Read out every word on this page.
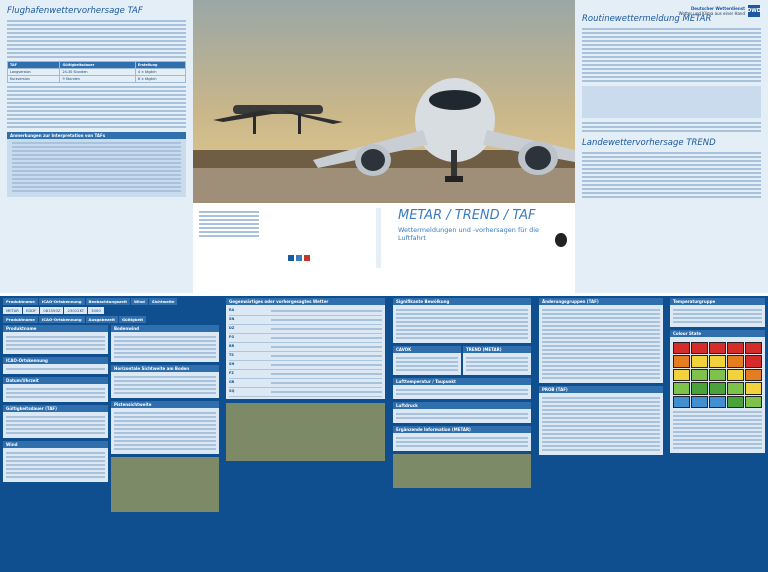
Flughafenwettervorhersage TAF
TAF	Gültigkeitsdauer	Erstellung
Langversion	24-30 Stunden	4 × täglich
Kurzversion	9 Stunden	8 × täglich
Anmerkungen zur Interpretation von TAFs
METAR / TREND / TAF
Wettermeldungen und -vorhersagen für die Luftfahrt
Deutscher Wetterdienst
Wetter und Klima aus einer Hand DWD
Routinewettermeldung METAR
Landewettervorhersage TREND
Produktname	ICAO-Ortskennung	Beobachtungszeit	Wind	Sichtweite
METAR	EDDF	081550Z	23012KT	3000
Produktname	ICAO-Ortskennung	Ausgabezeit	Gültigkeit
Produktname
ICAO-Ortskennung
Datum/Uhrzeit
Gültigkeitsdauer (TAF)
Wind
Bodenwind
Horizontale Sichtweite am Boden
Pistensichtweite
Gegenwärtiges oder vorhergesagtes Wetter
RA
SN
DZ
FG
BR
TS
SH
FZ
GR
SQ
Signifikante Bewölkung
CAVOK	TREND (METAR)
Lufttemperatur / Taupunkt
Luftdruck
Ergänzende Information (METAR)
Änderungsgruppen (TAF)
PROB (TAF)
Temperaturgruppe
Colour State
